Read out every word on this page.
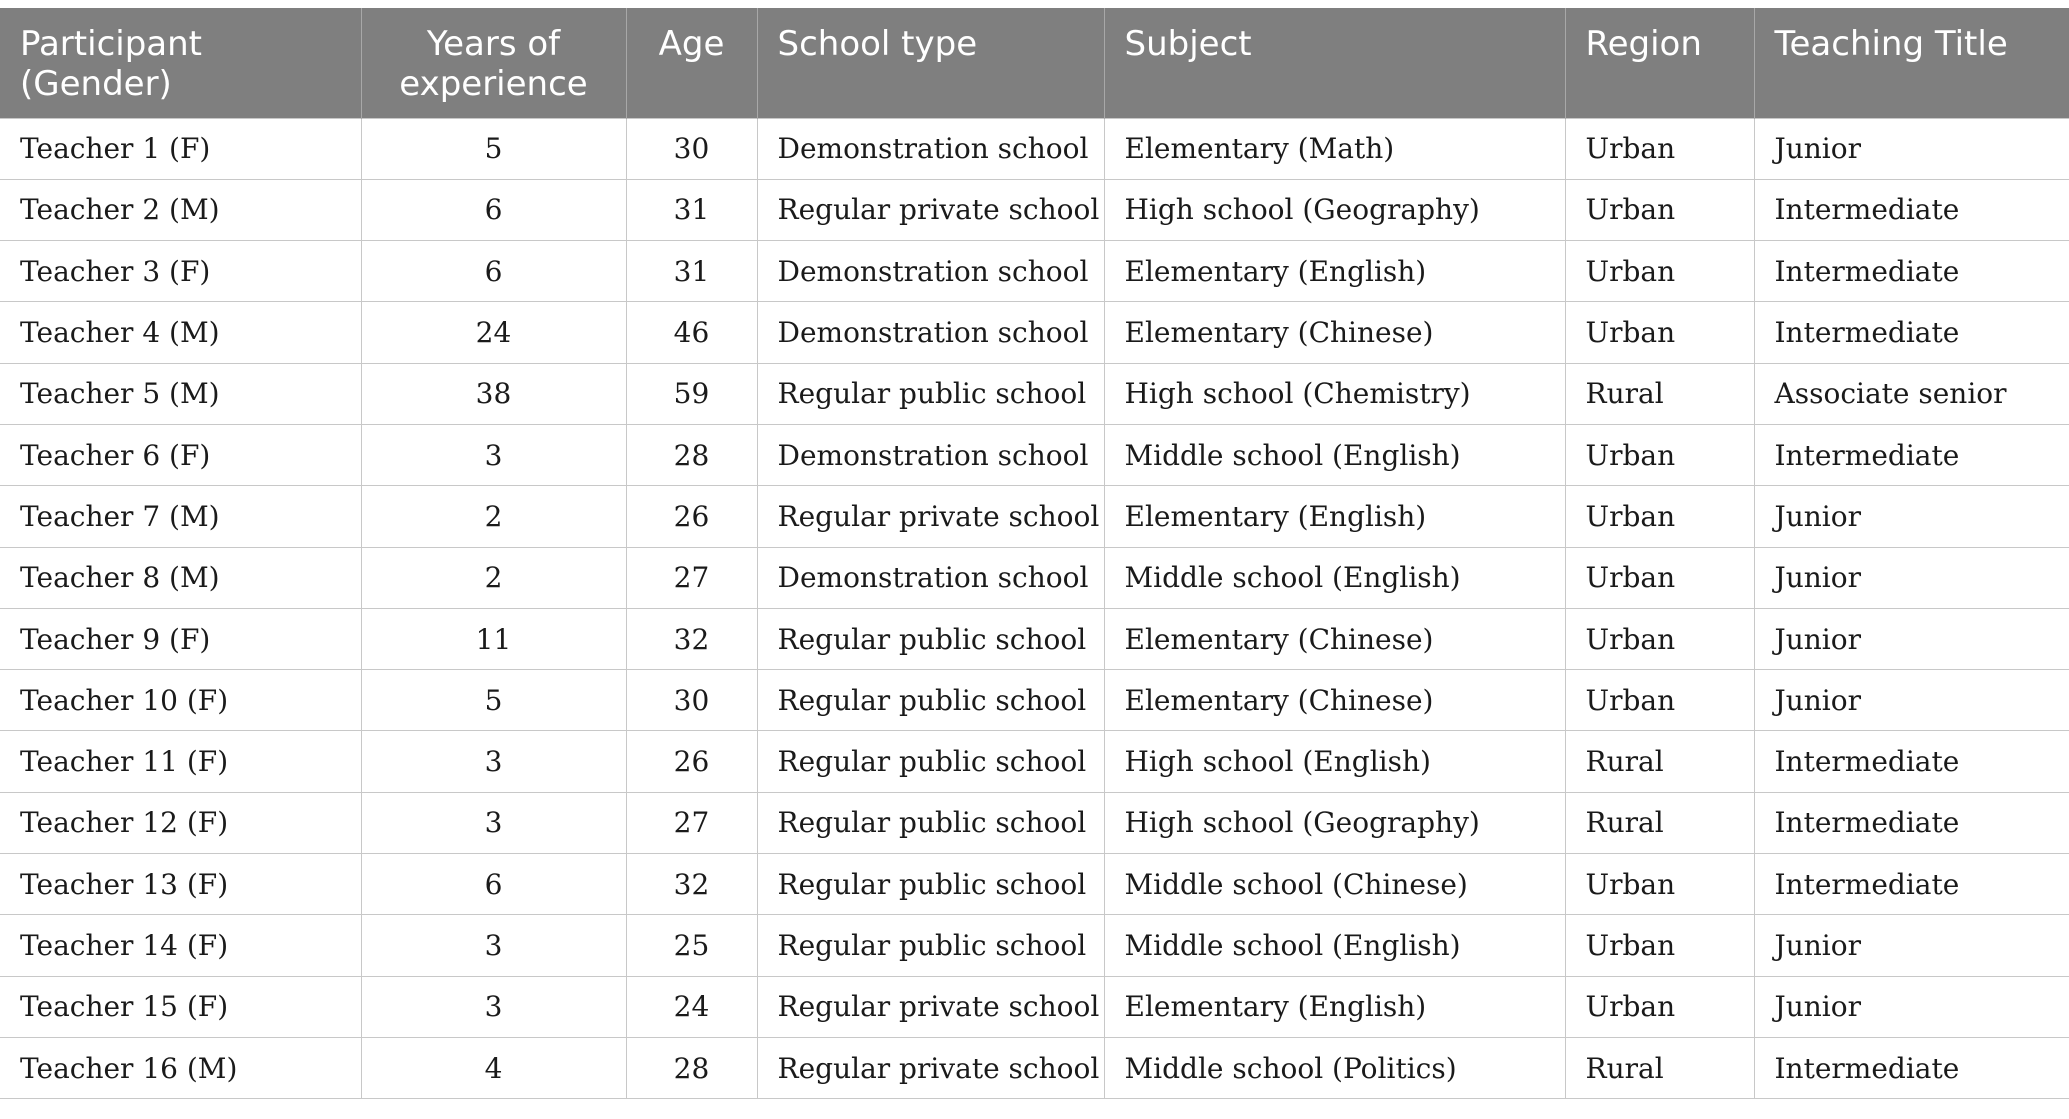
Participant (Gender)	Years of experience	Age	School type	Subject	Region	Teaching Title
Teacher 1 (F)	5	30	Demonstration school	Elementary (Math)	Urban	Junior
Teacher 2 (M)	6	31	Regular private school	High school (Geography)	Urban	Intermediate
Teacher 3 (F)	6	31	Demonstration school	Elementary (English)	Urban	Intermediate
Teacher 4 (M)	24	46	Demonstration school	Elementary (Chinese)	Urban	Intermediate
Teacher 5 (M)	38	59	Regular public school	High school (Chemistry)	Rural	Associate senior
Teacher 6 (F)	3	28	Demonstration school	Middle school (English)	Urban	Intermediate
Teacher 7 (M)	2	26	Regular private school	Elementary (English)	Urban	Junior
Teacher 8 (M)	2	27	Demonstration school	Middle school (English)	Urban	Junior
Teacher 9 (F)	11	32	Regular public school	Elementary (Chinese)	Urban	Junior
Teacher 10 (F)	5	30	Regular public school	Elementary (Chinese)	Urban	Junior
Teacher 11 (F)	3	26	Regular public school	High school (English)	Rural	Intermediate
Teacher 12 (F)	3	27	Regular public school	High school (Geography)	Rural	Intermediate
Teacher 13 (F)	6	32	Regular public school	Middle school (Chinese)	Urban	Intermediate
Teacher 14 (F)	3	25	Regular public school	Middle school (English)	Urban	Junior
Teacher 15 (F)	3	24	Regular private school	Elementary (English)	Urban	Junior
Teacher 16 (M)	4	28	Regular private school	Middle school (Politics)	Rural	Intermediate
